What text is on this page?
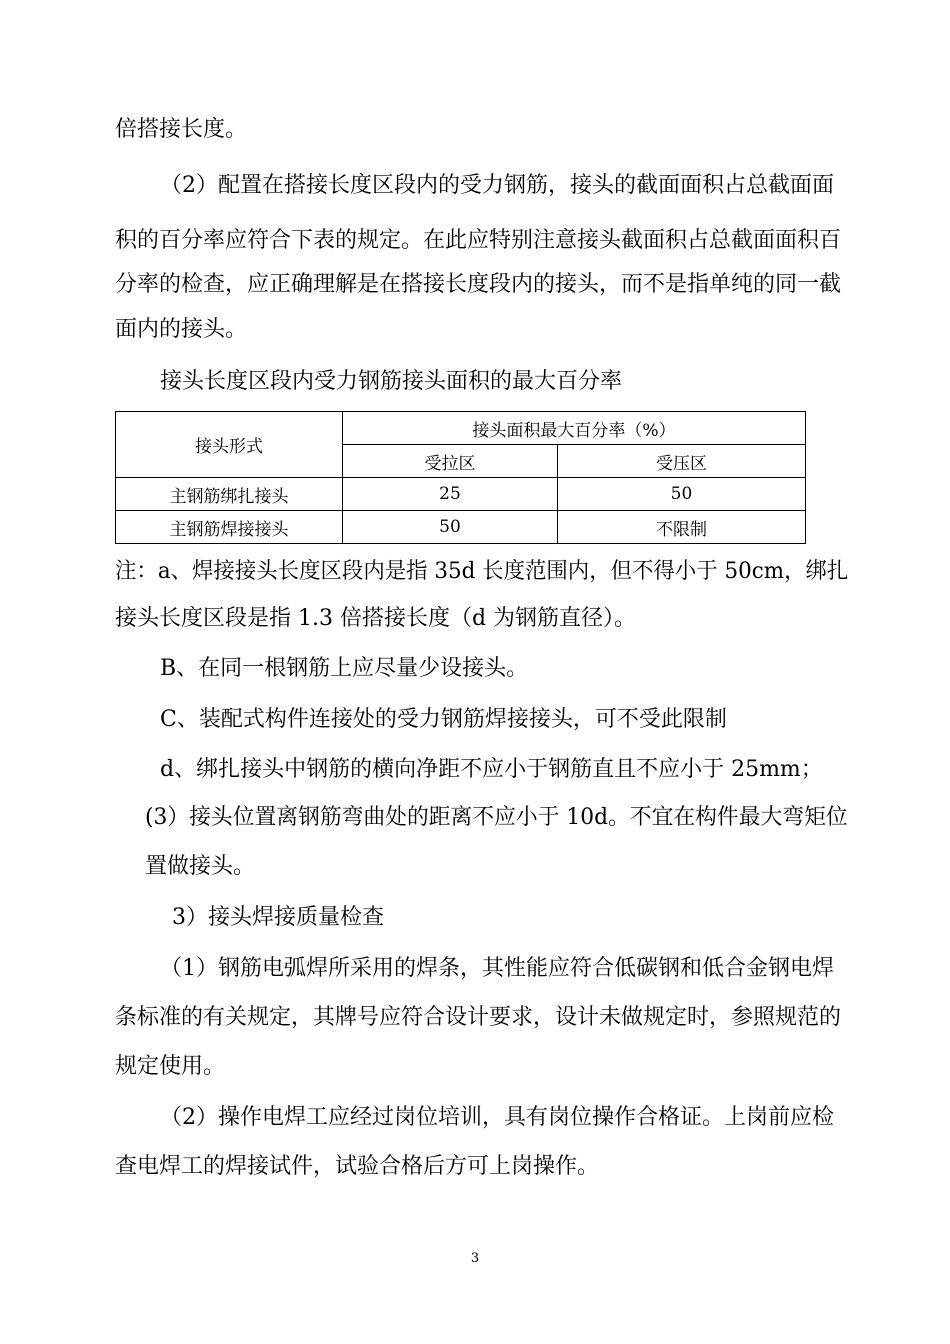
倍搭接长度。
（2）配置在搭接长度区段内的受力钢筋，接头的截面面积占总截面面
积的百分率应符合下表的规定。在此应特别注意接头截面积占总截面面积百
分率的检查，应正确理解是在搭接长度段内的接头，而不是指单纯的同一截
面内的接头。
接头长度区段内受力钢筋接头面积的最大百分率
接头形式	接头面积最大百分率（%）	
	受拉区	受压区
主钢筋绑扎接头	25	50
主钢筋焊接接头	50	不限制
注：a、焊接接头长度区段内是指 35d 长度范围内，但不得小于 50cm，绑扎
接头长度区段是指 1.3 倍搭接长度（d 为钢筋直径）。
B、在同一根钢筋上应尽量少设接头。
C、装配式构件连接处的受力钢筋焊接接头，可不受此限制
d、绑扎接头中钢筋的横向净距不应小于钢筋直且不应小于 25mm；
(3）接头位置离钢筋弯曲处的距离不应小于 10d。不宜在构件最大弯矩位
置做接头。
3）接头焊接质量检查
（1）钢筋电弧焊所采用的焊条，其性能应符合低碳钢和低合金钢电焊
条标准的有关规定，其牌号应符合设计要求，设计未做规定时，参照规范的
规定使用。
（2）操作电焊工应经过岗位培训，具有岗位操作合格证。上岗前应检
查电焊工的焊接试件，试验合格后方可上岗操作。
3
